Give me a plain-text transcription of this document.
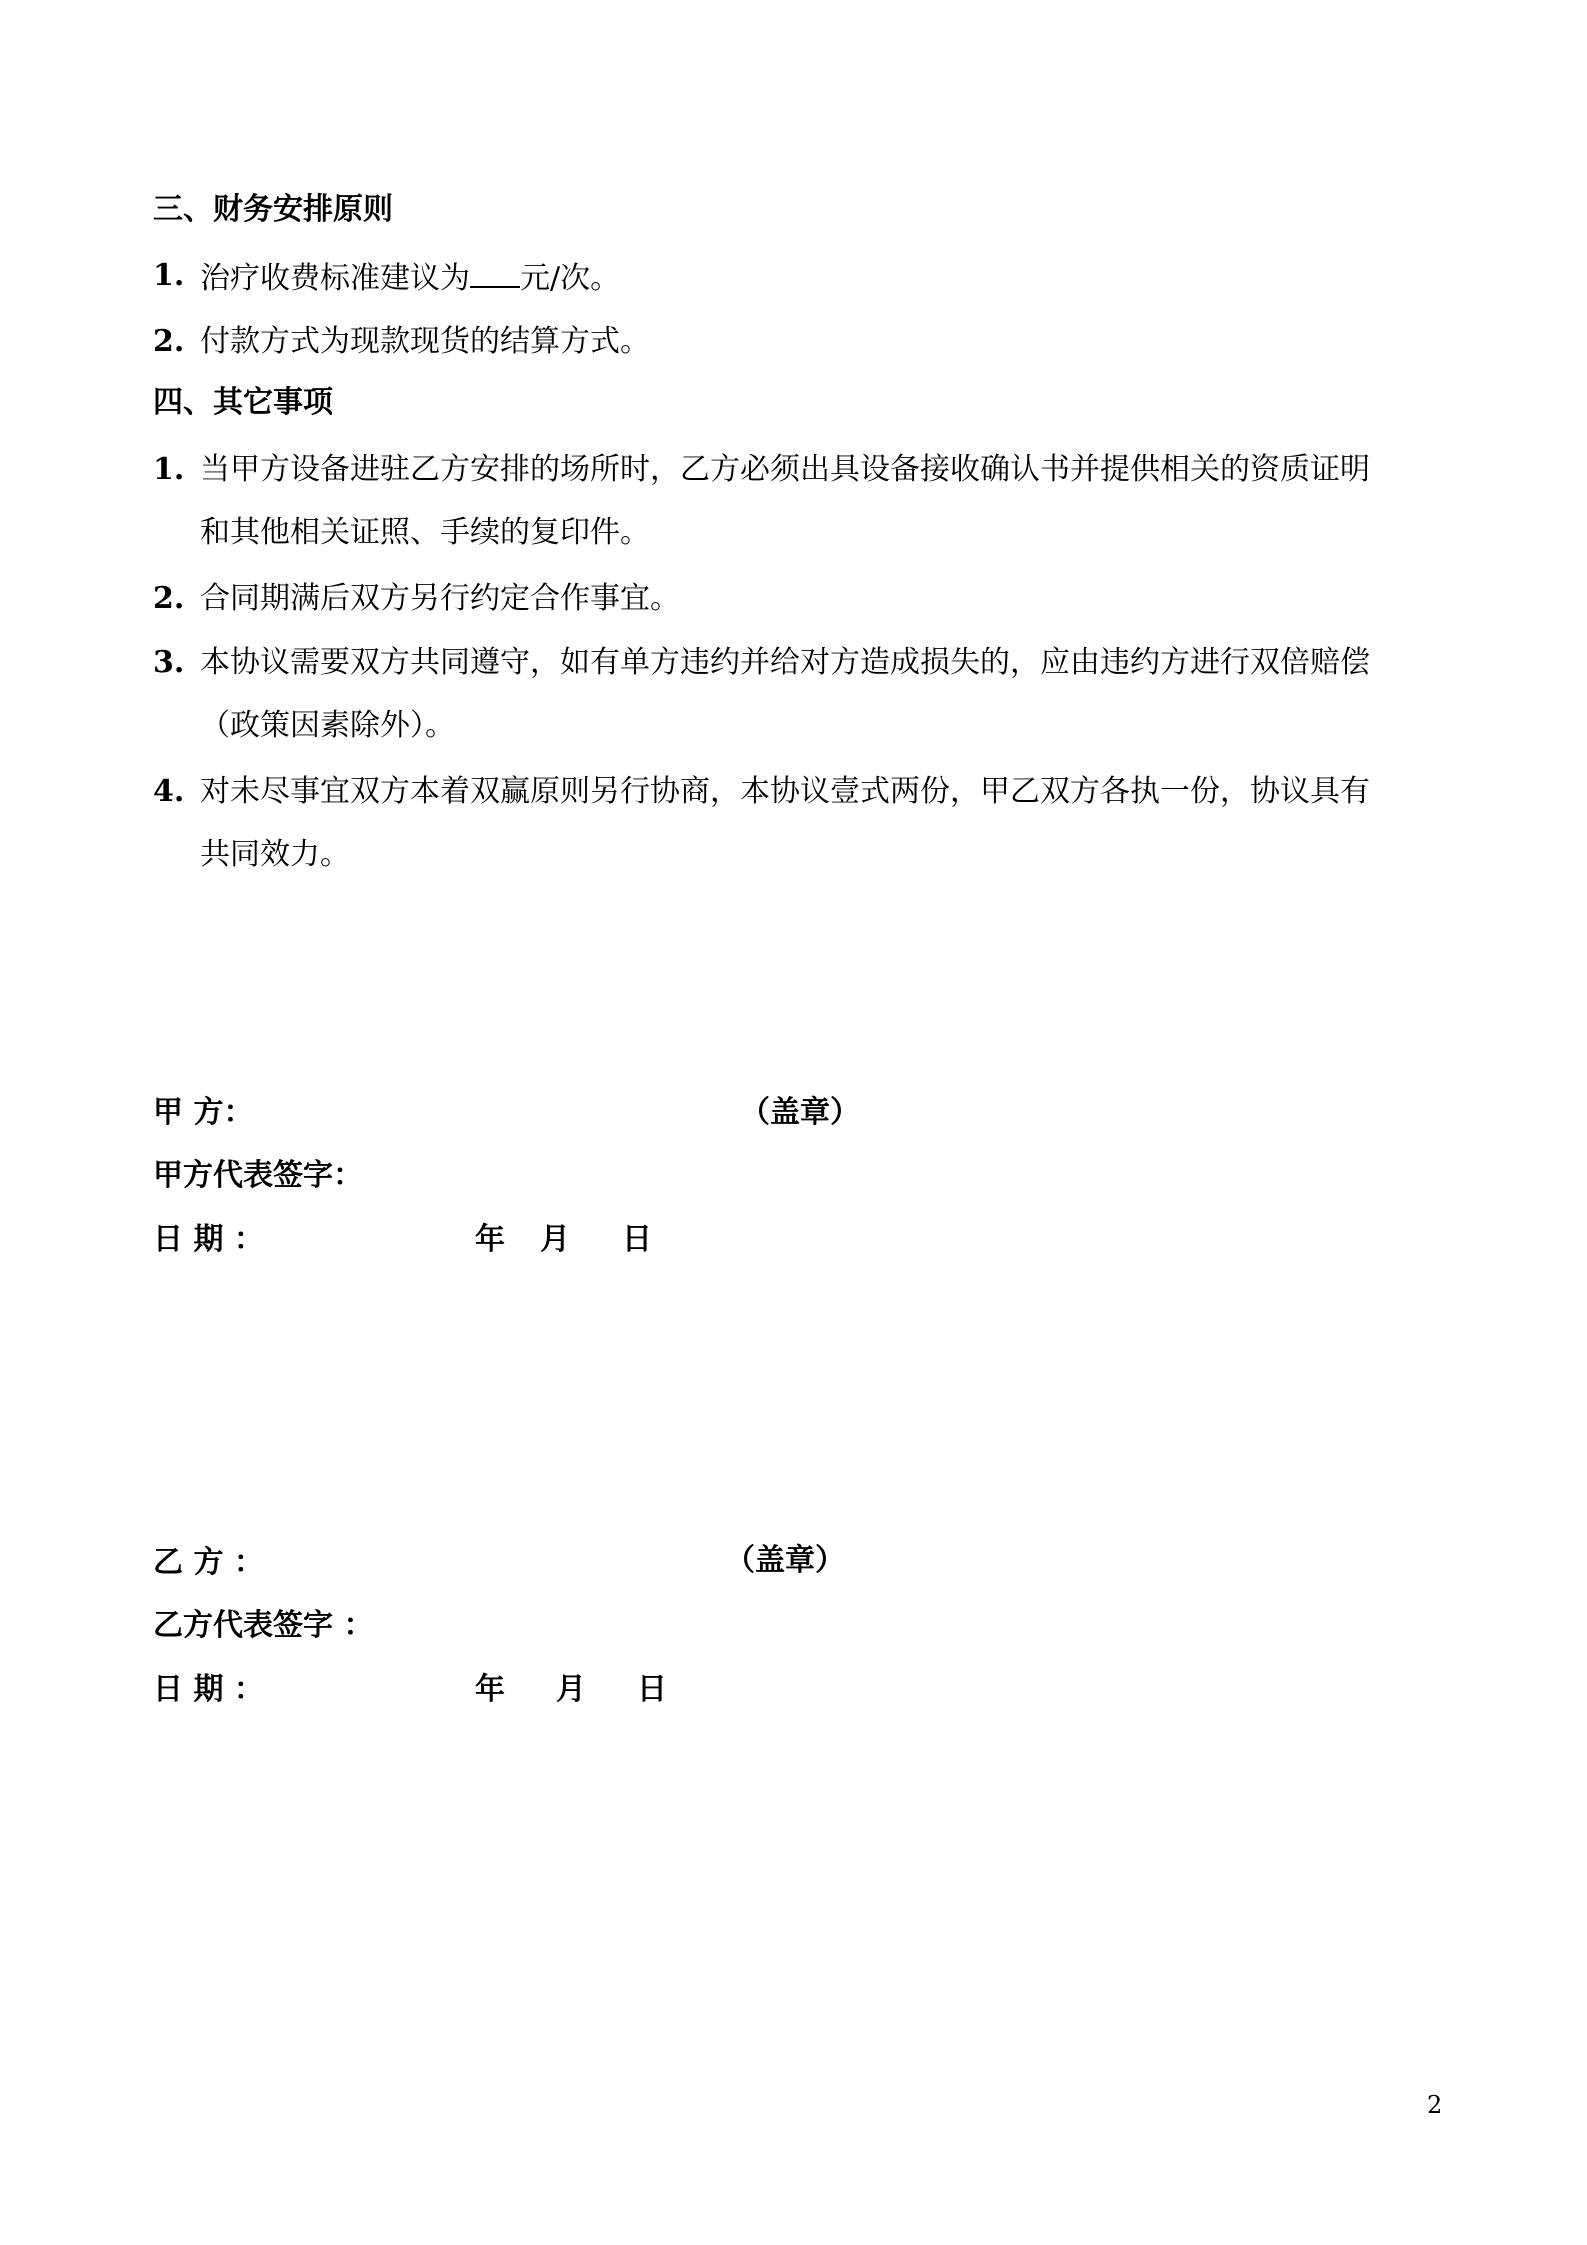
三、财务安排原则
1. 治疗收费标准建议为 元/次。
2. 付款方式为现款现货的结算方式。
四、其它事项
1. 当甲方设备进驻乙方安排的场所时，乙方必须出具设备接收确认书并提供相关的资质证明
和其他相关证照、手续的复印件。
2. 合同期满后双方另行约定合作事宜。
3. 本协议需要双方共同遵守，如有单方违约并给对方造成损失的，应由违约方进行双倍赔偿
（政策因素除外）。
4. 对未尽事宜双方本着双赢原则另行协商，本协议壹式两份，甲乙双方各执一份，协议具有
共同效力。
甲 方：	（盖章）
甲方代表签字：
日 期 ：	年 月 日
乙 方 ：	（盖章）
乙方代表签字 ：
日 期 ：	年 月 日
2
